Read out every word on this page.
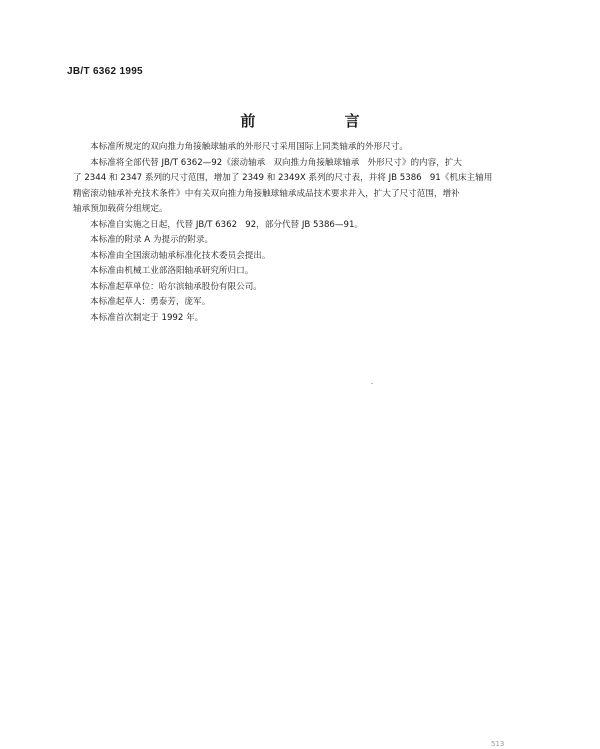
JB/T 6362 1995
前 言

本标准所规定的双向推力角接触球轴承的外形尺寸采用国际上同类轴承的外形尺寸。

本标准将全部代替 JB/T 6362—92《滚动轴承   双向推力角接触球轴承   外形尺寸》的内容，扩大

了 2344 和 2347 系列的尺寸范围，增加了 2349 和 2349X 系列的尺寸表，并将 JB 5386   91《机床主轴用

精密滚动轴承补充技术条件》中有关双向推力角接触球轴承成品技术要求并入，扩大了尺寸范围，增补

轴承预加载荷分组规定。

本标准自实施之日起，代替 JB/T 6362   92，部分代替 JB 5386—91。

本标准的附录 A 为提示的附录。

本标准由全国滚动轴承标准化技术委员会提出。

本标准由机械工业部洛阳轴承研究所归口。

本标准起草单位：哈尔滨轴承股份有限公司。

本标准起草人：勇泰芳，庞军。

本标准首次制定于 1992 年。

513
